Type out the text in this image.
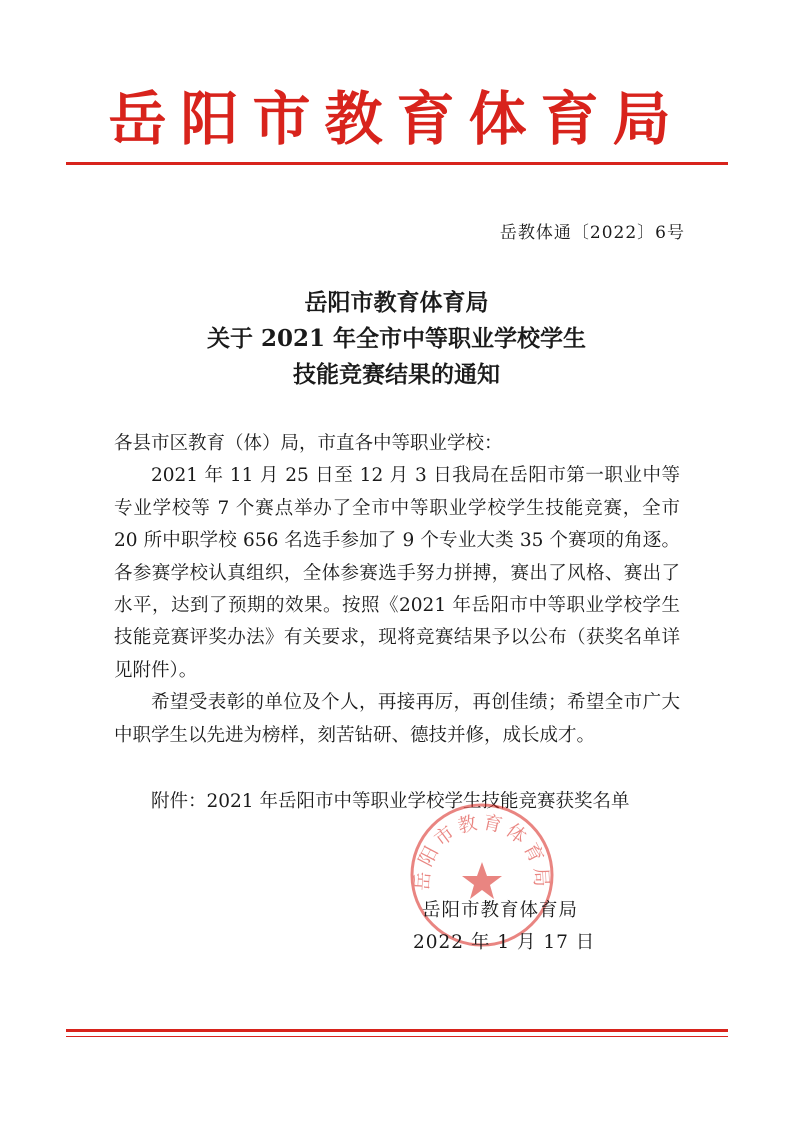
岳阳市教育体育局
岳教体通〔2022〕6号
岳阳市教育体育局
关于 2021 年全市中等职业学校学生
技能竞赛结果的通知

各县市区教育（体）局，市直各中等职业学校：

2021 年 11 月 25 日至 12 月 3 日我局在岳阳市第一职业中等专业学校等 7 个赛点举办了全市中等职业学校学生技能竞赛，全市 20 所中职学校 656 名选手参加了 9 个专业大类 35 个赛项的角逐。各参赛学校认真组织，全体参赛选手努力拼搏，赛出了风格、赛出了水平，达到了预期的效果。按照《2021 年岳阳市中等职业学校学生技能竞赛评奖办法》有关要求，现将竞赛结果予以公布（获奖名单详见附件）。

希望受表彰的单位及个人，再接再厉，再创佳绩；希望全市广大中职学生以先进为榜样，刻苦钻研、德技并修，成长成才。

附件：2021 年岳阳市中等职业学校学生技能竞赛获奖名单

岳阳市教育体育局
岳阳市教育体育局
2022 年 1 月 17 日
